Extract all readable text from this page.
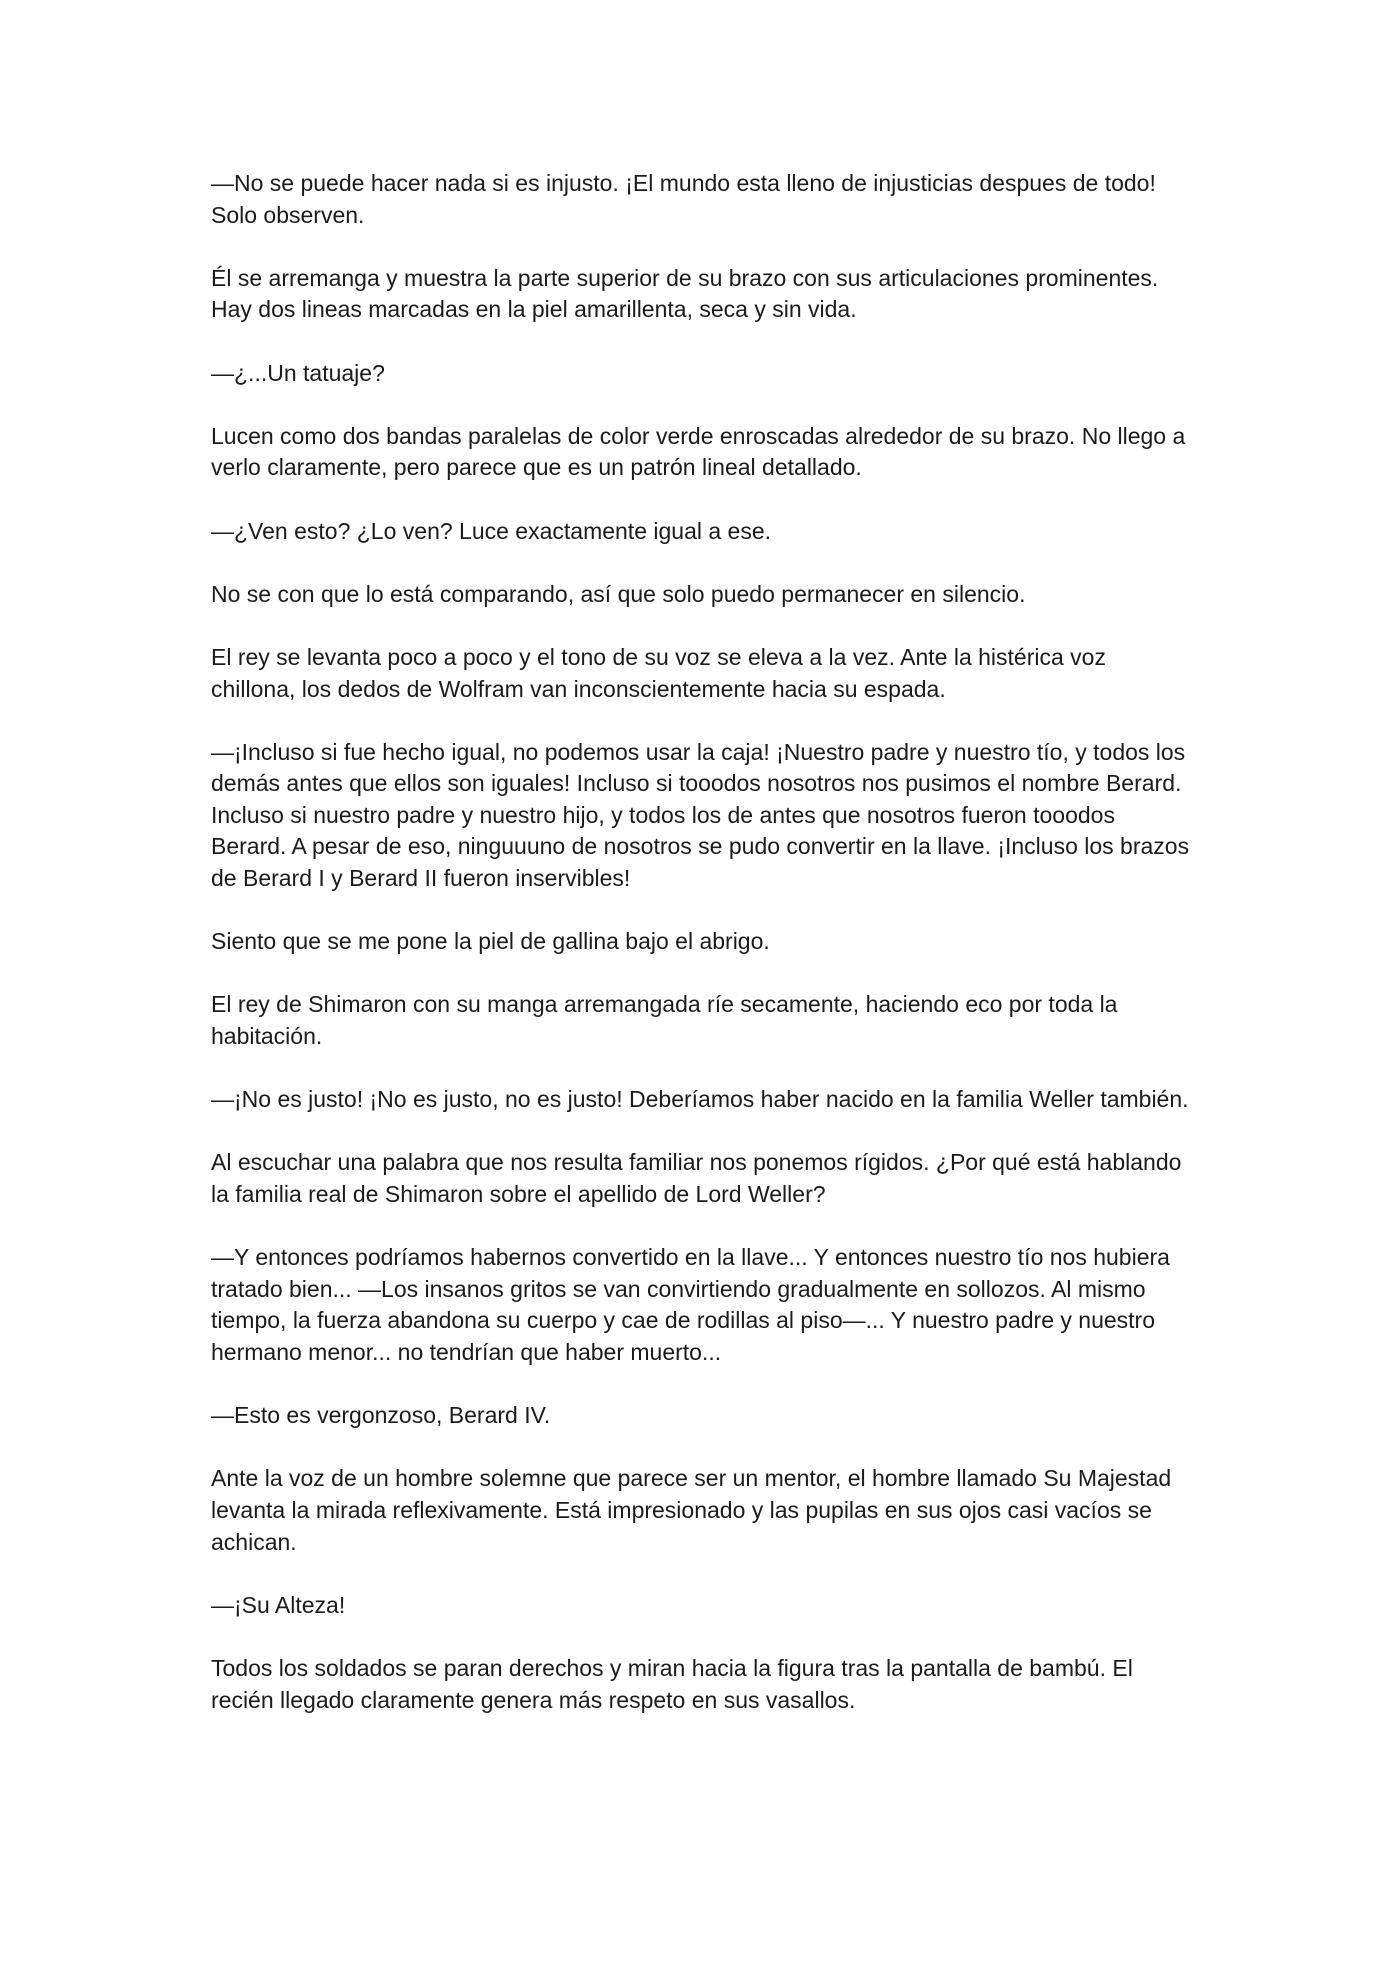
—No se puede hacer nada si es injusto. ¡El mundo esta lleno de injusticias despues de todo! Solo observen.

Él se arremanga y muestra la parte superior de su brazo con sus articulaciones prominentes. Hay dos lineas marcadas en la piel amarillenta, seca y sin vida.

—¿...Un tatuaje?

Lucen como dos bandas paralelas de color verde enroscadas alrededor de su brazo. No llego a verlo claramente, pero parece que es un patrón lineal detallado.

—¿Ven esto? ¿Lo ven? Luce exactamente igual a ese.

No se con que lo está comparando, así que solo puedo permanecer en silencio.

El rey se levanta poco a poco y el tono de su voz se eleva a la vez. Ante la histérica voz chillona, los dedos de Wolfram van inconscientemente hacia su espada.

—¡Incluso si fue hecho igual, no podemos usar la caja! ¡Nuestro padre y nuestro tío, y todos los demás antes que ellos son iguales! Incluso si tooodos nosotros nos pusimos el nombre Berard. Incluso si nuestro padre y nuestro hijo, y todos los de antes que nosotros fueron tooodos Berard. A pesar de eso, ninguuuno de nosotros se pudo convertir en la llave. ¡Incluso los brazos de Berard I y Berard II fueron inservibles!

Siento que se me pone la piel de gallina bajo el abrigo.

El rey de Shimaron con su manga arremangada ríe secamente, haciendo eco por toda la habitación.

—¡No es justo! ¡No es justo, no es justo! Deberíamos haber nacido en la familia Weller también.

Al escuchar una palabra que nos resulta familiar nos ponemos rígidos. ¿Por qué está hablando la familia real de Shimaron sobre el apellido de Lord Weller?

—Y entonces podríamos habernos convertido en la llave... Y entonces nuestro tío nos hubiera tratado bien... —Los insanos gritos se van convirtiendo gradualmente en sollozos. Al mismo tiempo, la fuerza abandona su cuerpo y cae de rodillas al piso—... Y nuestro padre y nuestro hermano menor... no tendrían que haber muerto...

—Esto es vergonzoso, Berard IV.

Ante la voz de un hombre solemne que parece ser un mentor, el hombre llamado Su Majestad levanta la mirada reflexivamente. Está impresionado y las pupilas en sus ojos casi vacíos se achican.

—¡Su Alteza!

Todos los soldados se paran derechos y miran hacia la figura tras la pantalla de bambú. El recién llegado claramente genera más respeto en sus vasallos.
